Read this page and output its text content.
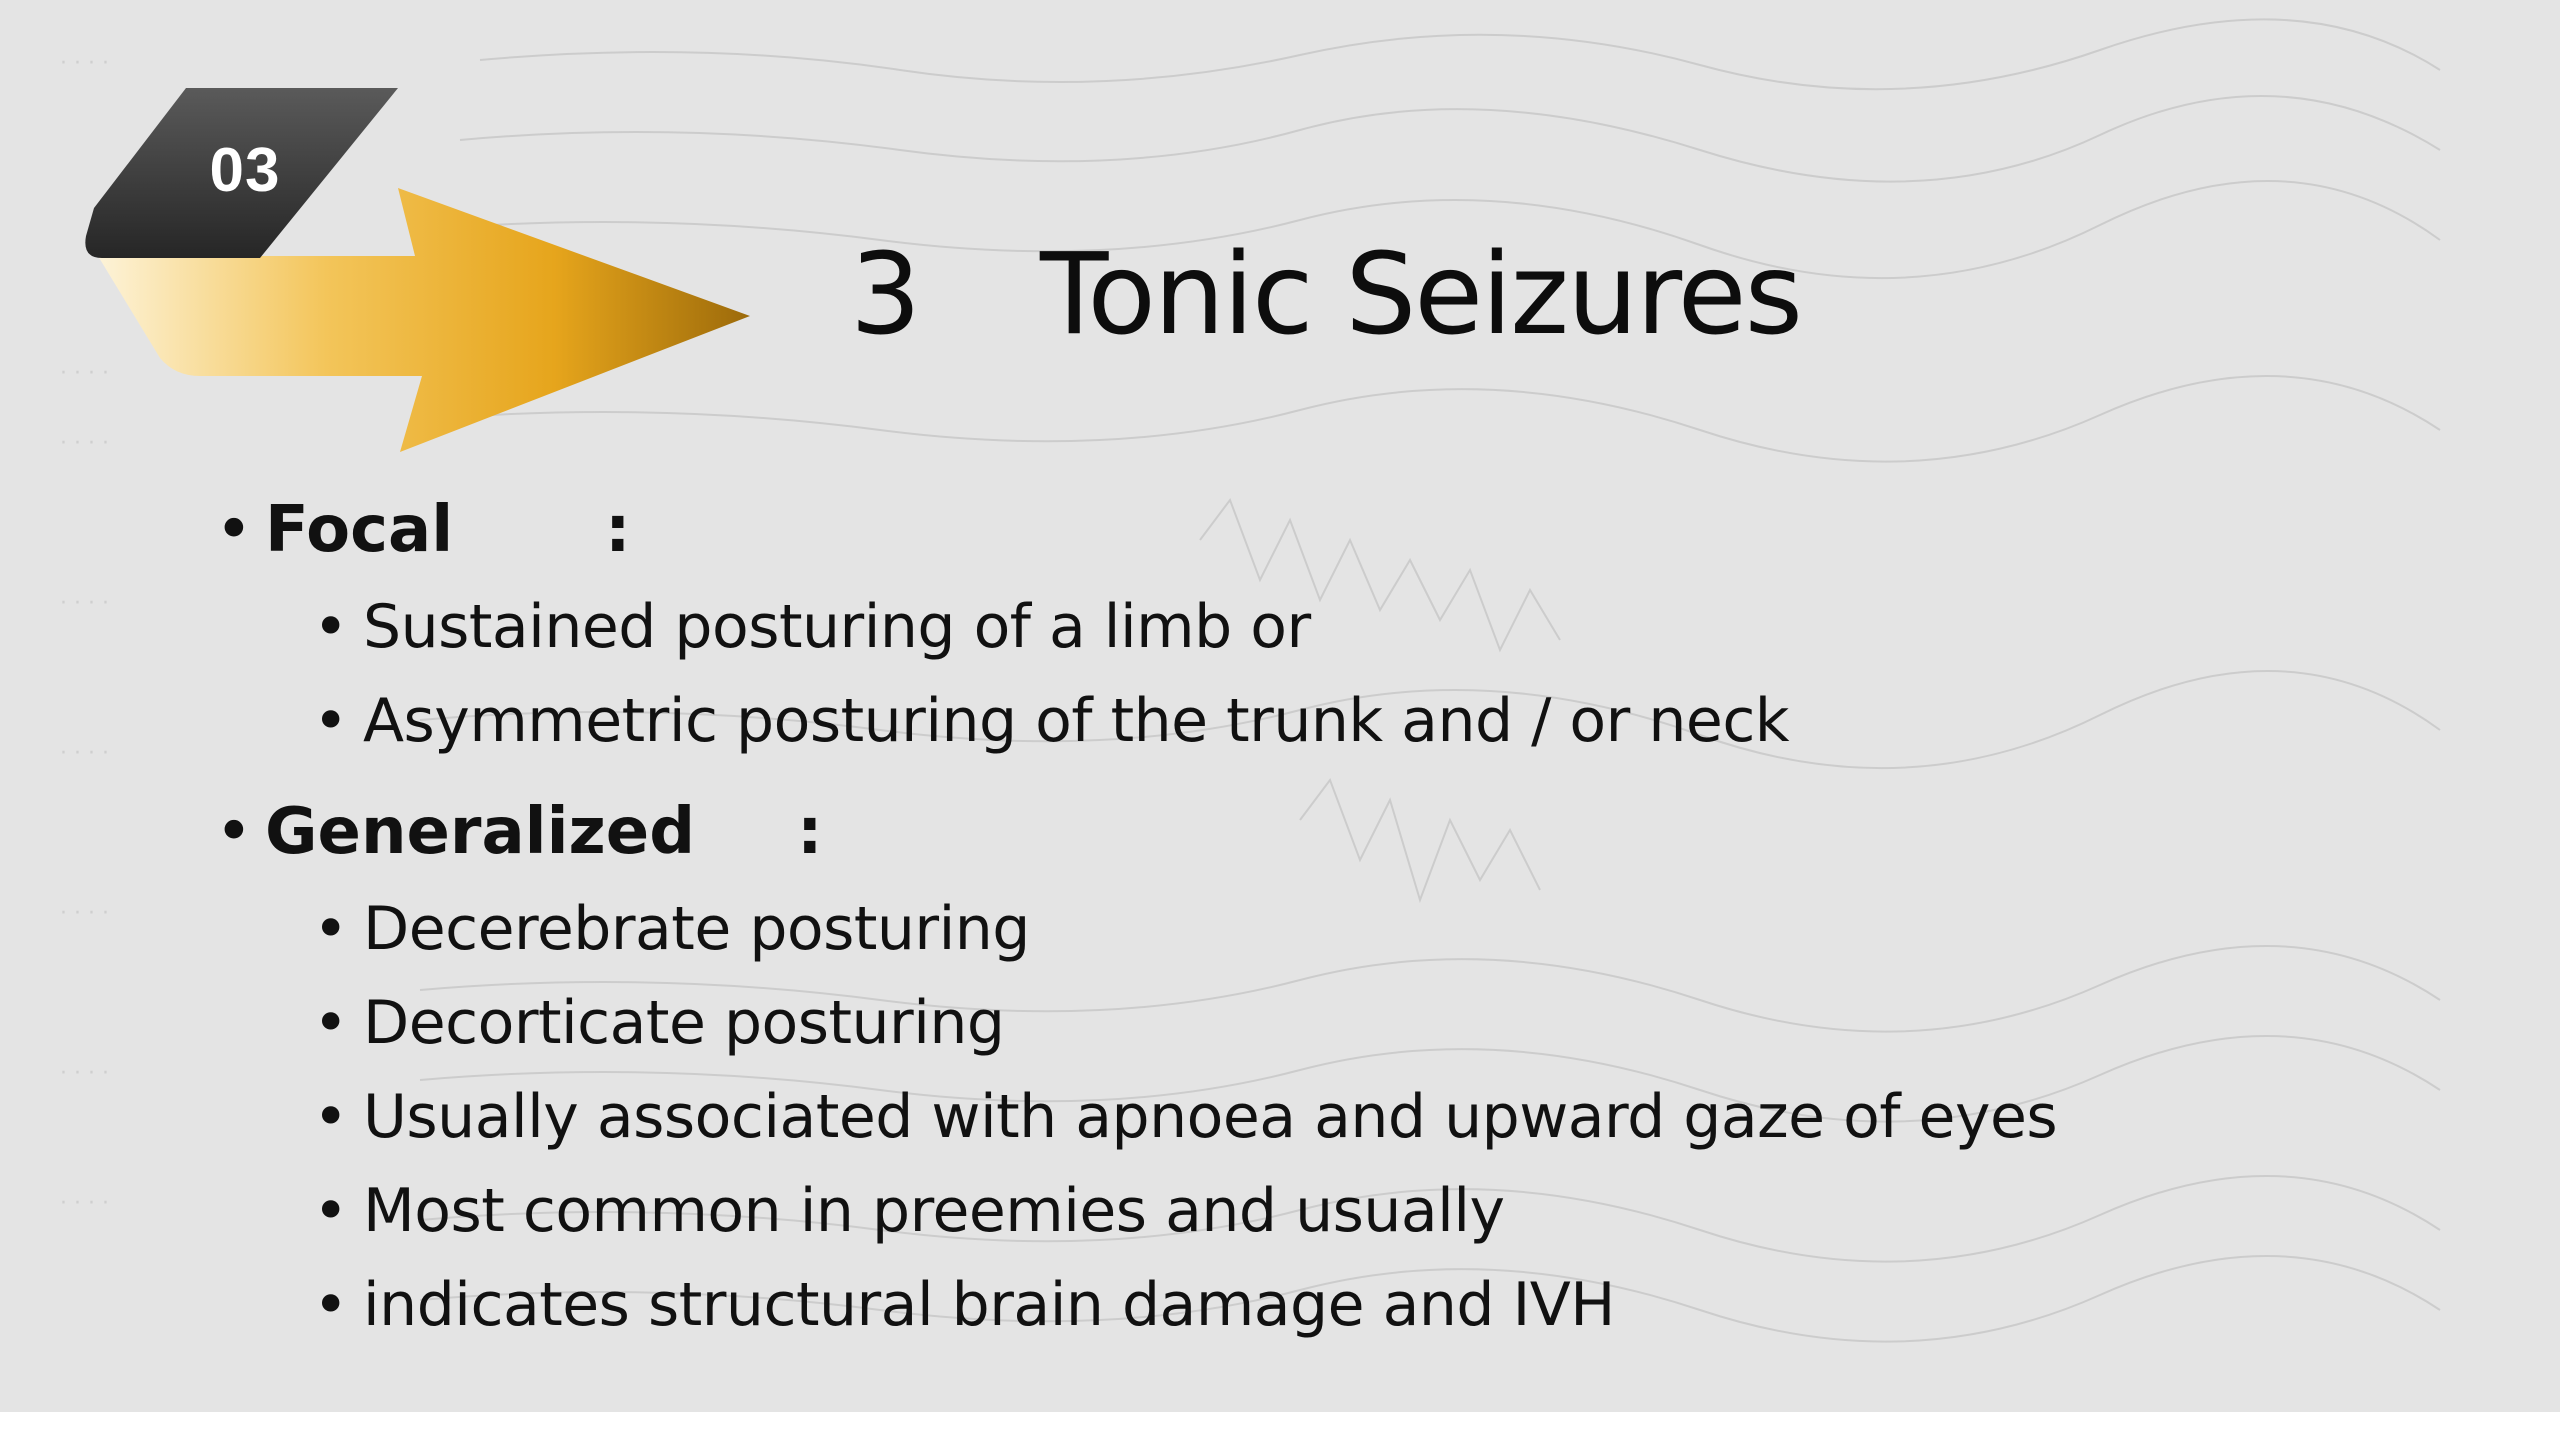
· · · ·
· · · ·
· · · ·
· · · ·
· · · ·
· · · ·
· · · ·
· · · ·
03
3 Tonic Seizures
• Focal :
• Sustained posturing of a limb or
• Asymmetric posturing of the trunk and / or neck
• Generalized :
• Decerebrate posturing
• Decorticate posturing
• Usually associated with apnoea and upward gaze of eyes
• Most common in preemies and usually
• indicates structural brain damage and IVH
